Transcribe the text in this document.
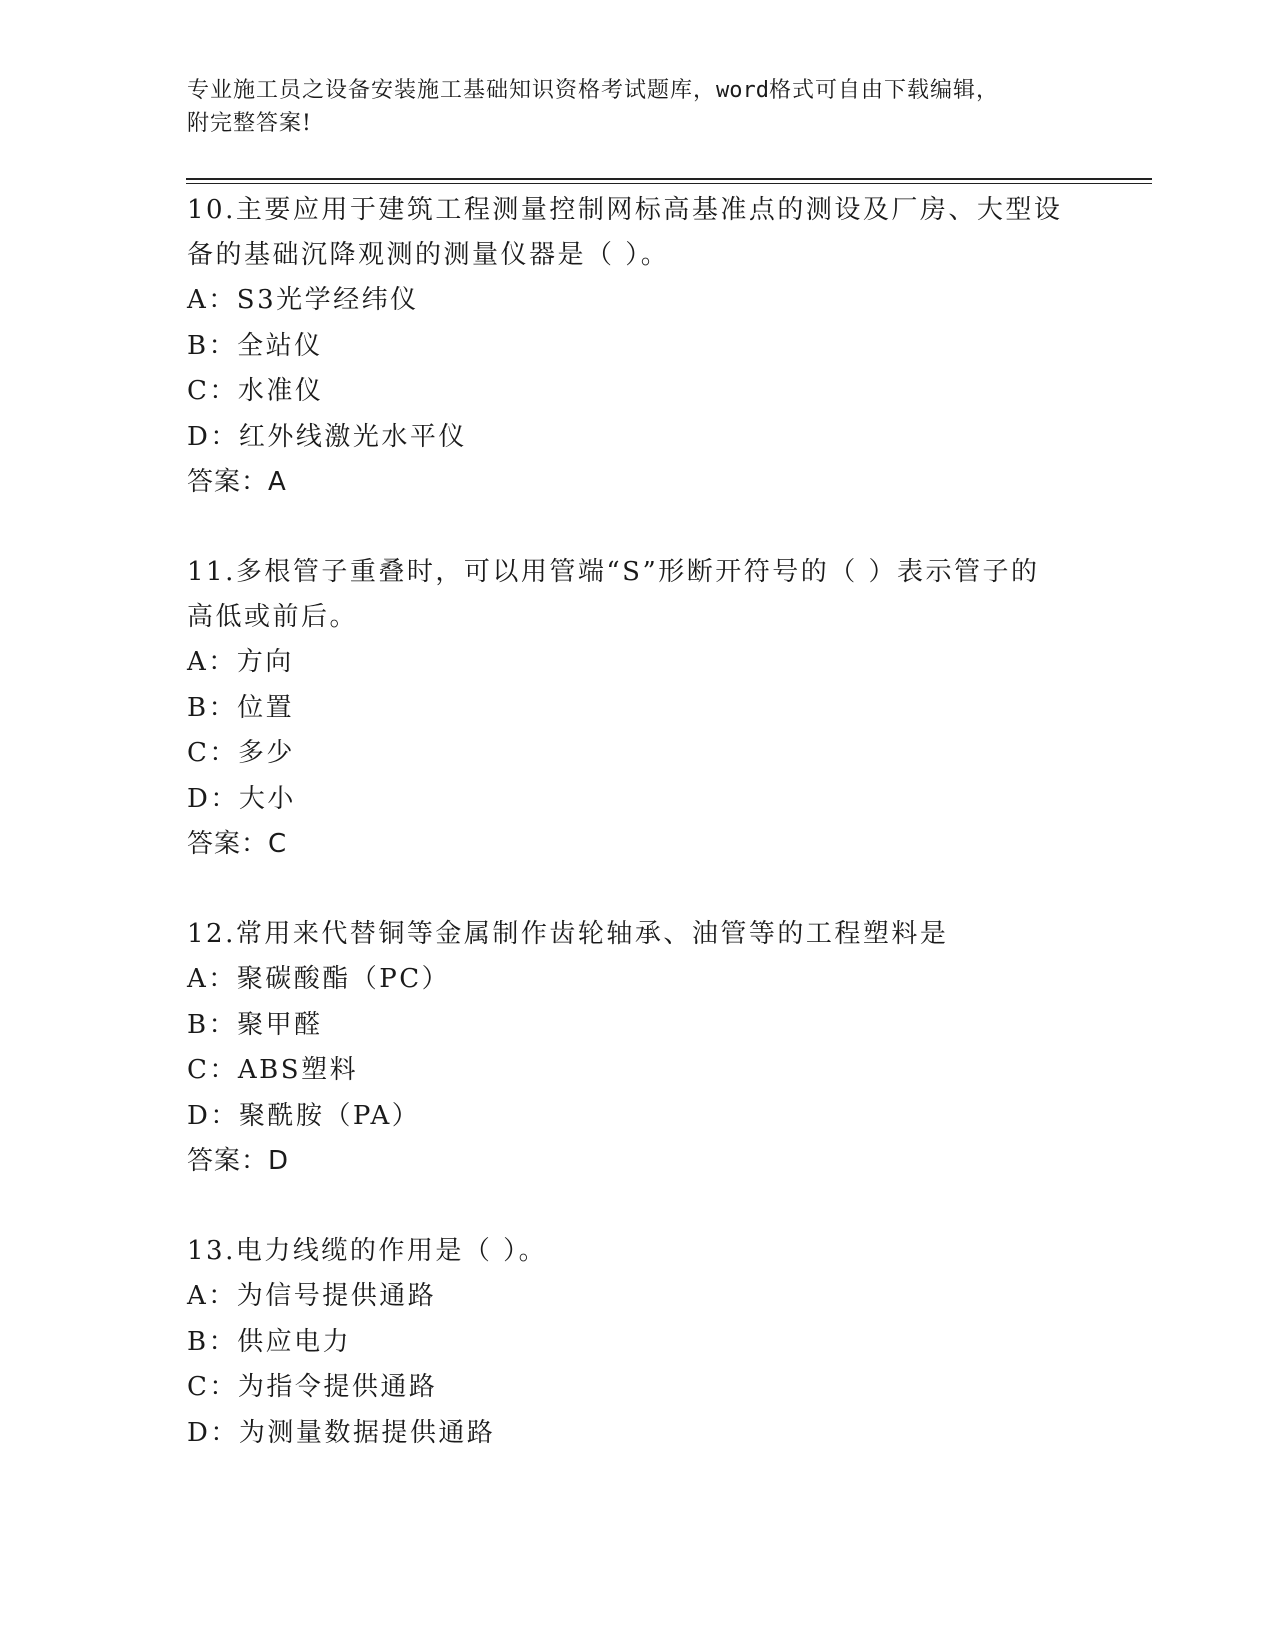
专业施工员之设备安装施工基础知识资格考试题库，word格式可自由下载编辑，
附完整答案!

10.主要应用于建筑工程测量控制网标高基准点的测设及厂房、大型设

备的基础沉降观测的测量仪器是（ ）。

A：S3光学经纬仪

B：全站仪

C：水准仪

D：红外线激光水平仪

答案：A

11.多根管子重叠时，可以用管端“S”形断开符号的（ ）表示管子的

高低或前后。

A：方向

B：位置

C：多少

D：大小

答案：C

12.常用来代替铜等金属制作齿轮轴承、油管等的工程塑料是

A：聚碳酸酯（PC）

B：聚甲醛

C：ABS塑料

D：聚酰胺（PA）

答案：D

13.电力线缆的作用是（ ）。

A：为信号提供通路

B：供应电力

C：为指令提供通路

D：为测量数据提供通路
